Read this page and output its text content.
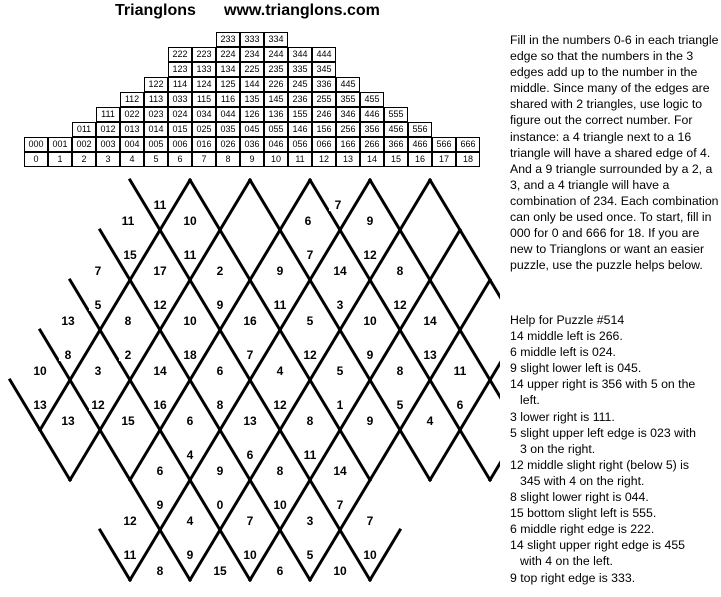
Trianglons www.trianglons.com
233 333 334
222 223 224 234 244 344 444
123 133 134 225 235 335 345
122	114	124 125 144 226 245 336 445
112	113	033	115	116	135 145 236 255 355 455
111	022 023 024 034 044 126 136 155 246 346 446 555
011	012 013 014 015 025 035 045 055 146 156 256 356 456 556
000 001 002 003 004 005 006 016 026 036 046 056 066 166 266 366 466 566 666
0	1	2	3	4	5	6	7	8	9	10	11	12	13	14	15	16	17	18
11	7
11	10	6	9
15	11	7	12
7	17	2	9	14	8
5	12	9	11	3	12
13	8	10	16	5	10	14
8	2	18	7	12	9	13
10	3	14	6	4	5	8	11
13	12	16	8	12	1	5	6
13	15	6	13	8	9	4
4	6	11
6	9	8	14
9	0	10	7
12	4	7	3	7
11	9	10	5	10
8	15	6	10
Fill in the numbers 0-6 in each triangle edge so that the numbers in the 3 edges add up to the number in the middle. Since many of the edges are shared with 2 triangles, use logic to figure out the correct number. For instance: a 4 triangle next to a 16 triangle will have a shared edge of 4. And a 9 triangle surrounded by a 2, a 3, and a 4 triangle will have a combination of 234. Each combination can only be used once. To start, fill in 000 for 0 and 666 for 18. If you are new to Trianglons or want an easier puzzle, use the puzzle helps below.
Help for Puzzle #514
14 middle left is 266.
6 middle left is 024.
9 slight lower left is 045.
14 upper right is 356 with 5 on the
left.
3 lower right is 111.
5 slight upper left edge is 023 with
3 on the right.
12 middle slight right (below 5) is
345 with 4 on the right.
8 slight lower right is 044.
15 bottom slight left is 555.
6 middle right edge is 222.
14 slight upper right edge is 455
with 4 on the left.
9 top right edge is 333.
